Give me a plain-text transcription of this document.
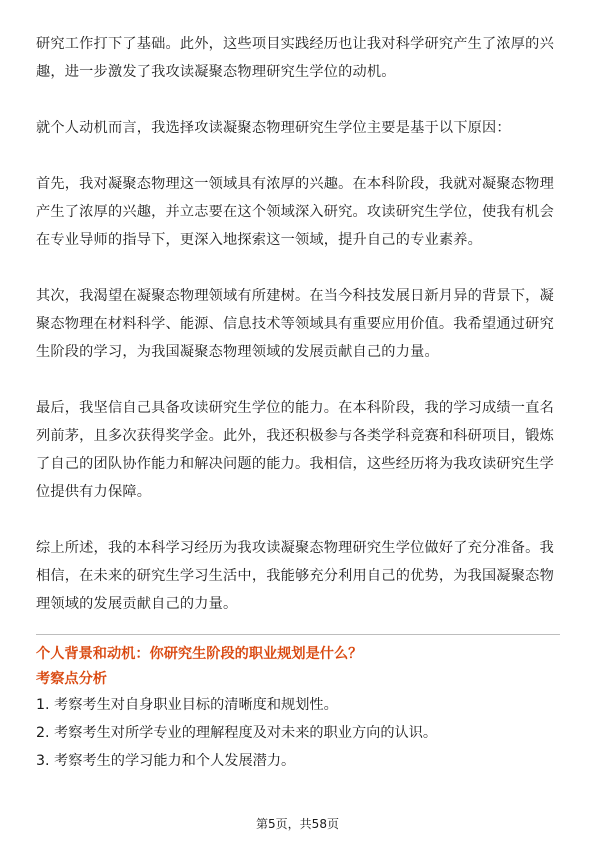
研究工作打下了基础。此外，这些项目实践经历也让我对科学研究产生了浓厚的兴趣，进一步激发了我攻读凝聚态物理研究生学位的动机。

就个人动机而言，我选择攻读凝聚态物理研究生学位主要是基于以下原因：

首先，我对凝聚态物理这一领域具有浓厚的兴趣。在本科阶段，我就对凝聚态物理产生了浓厚的兴趣，并立志要在这个领域深入研究。攻读研究生学位，使我有机会在专业导师的指导下，更深入地探索这一领域，提升自己的专业素养。

其次，我渴望在凝聚态物理领域有所建树。在当今科技发展日新月异的背景下，凝聚态物理在材料科学、能源、信息技术等领域具有重要应用价值。我希望通过研究生阶段的学习，为我国凝聚态物理领域的发展贡献自己的力量。

最后，我坚信自己具备攻读研究生学位的能力。在本科阶段，我的学习成绩一直名列前茅，且多次获得奖学金。此外，我还积极参与各类学科竞赛和科研项目，锻炼了自己的团队协作能力和解决问题的能力。我相信，这些经历将为我攻读研究生学位提供有力保障。

综上所述，我的本科学习经历为我攻读凝聚态物理研究生学位做好了充分准备。我相信，在未来的研究生学习生活中，我能够充分利用自己的优势，为我国凝聚态物理领域的发展贡献自己的力量。

个人背景和动机：你研究生阶段的职业规划是什么？

考察点分析

1. 考察考生对自身职业目标的清晰度和规划性。
2. 考察考生对所学专业的理解程度及对未来的职业方向的认识。
3. 考察考生的学习能力和个人发展潜力。
第5页，共58页
